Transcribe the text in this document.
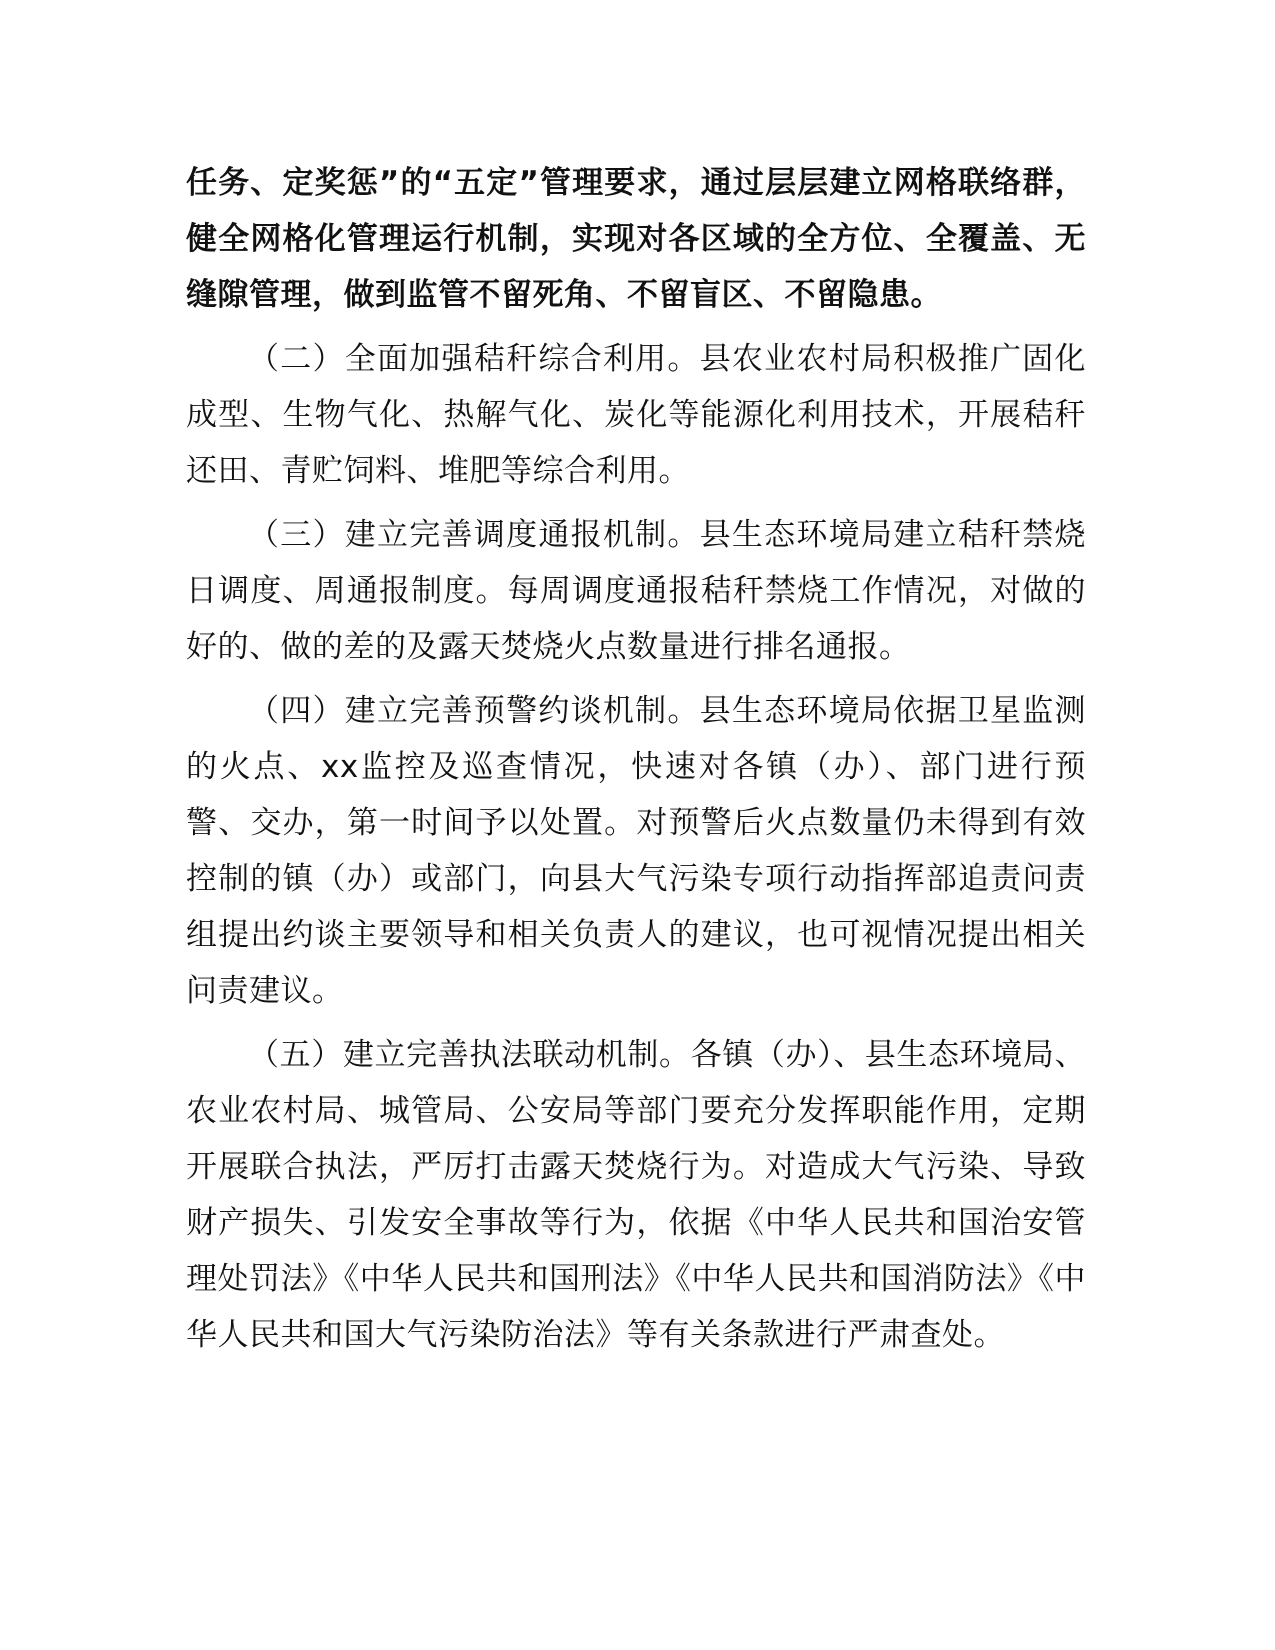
任务、定奖惩”的“五定”管理要求，通过层层建立网格联络群，健全网格化管理运行机制，实现对各区域的全方位、全覆盖、无缝隙管理，做到监管不留死角、不留盲区、不留隐患。

（二）全面加强秸秆综合利用。县农业农村局积极推广固化成型、生物气化、热解气化、炭化等能源化利用技术，开展秸秆还田、青贮饲料、堆肥等综合利用。

（三）建立完善调度通报机制。县生态环境局建立秸秆禁烧日调度、周通报制度。每周调度通报秸秆禁烧工作情况，对做的好的、做的差的及露天焚烧火点数量进行排名通报。

（四）建立完善预警约谈机制。县生态环境局依据卫星监测的火点、xx监控及巡查情况，快速对各镇（办）、部门进行预警、交办，第一时间予以处置。对预警后火点数量仍未得到有效控制的镇（办）或部门，向县大气污染专项行动指挥部追责问责组提出约谈主要领导和相关负责人的建议，也可视情况提出相关问责建议。

（五）建立完善执法联动机制。各镇（办）、县生态环境局、农业农村局、城管局、公安局等部门要充分发挥职能作用，定期开展联合执法，严厉打击露天焚烧行为。对造成大气污染、导致财产损失、引发安全事故等行为，依据《中华人民共和国治安管理处罚法》《中华人民共和国刑法》《中华人民共和国消防法》《中华人民共和国大气污染防治法》等有关条款进行严肃查处。
